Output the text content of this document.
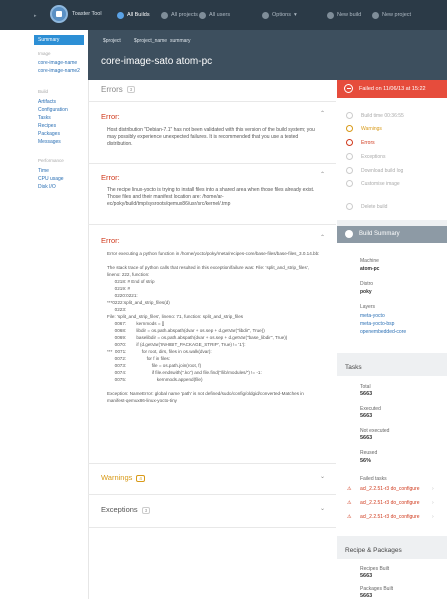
▸	Toaster Tool	All Builds	All projects All users	Options ▾	New build	New project
Summary
Image
core-image-name
core-image-name2
Build
Artifacts
Configuration
Tasks
Recipes
Packages
Messages
Performance
Time
CPU usage
Disk I/O
$project	$project_name summary
core-image-sato atom-pc
Errors 3
Error:	⌃
Host distribution "Debian-7.1" has not been validated with this version of the build system; you may possibly experience unexpected failures. It is recommended that you use a tested distribution.
Error:	⌃
The recipe linux-yocto is trying to install files into a shared area when those files already exist. Those files and their manifest location are: /home/ar-ec/poky/build/tmp/sysroots/qemux86/usr/src/kernel/.tmp
Error:	⌃
Error executing a python function in /home/yocto/poky/meta/recipes-core/base-files/base-files_3.0.14.bb:

The stack trace of python calls that resulted in this exception/failure was: File: 'split_and_strip_files', lineno: 222, function:
0218: # End of strip
0219: #
0220:0221:
***0222:split_and_strip_files(d)
0223:
File: 'split_and_strip_files', lineno: 71, function: split_and_strip_files
0067:        kernmods = []
0068:        libdir = os.path.abspath(dvar + os.sep + d.getVar("libdir", True))
0069:        baselibdir = os.path.abspath(dvar + os.sep + d.getVar("base_libdir", True))
0070:        if (d.getVar('INHIBIT_PACKAGE_STRIP', True) != '1'):
***  0071:            for root, dirs, files in os.walk(dvar):
0072:                for f in files:
0073:                    file = os.path.join(root, f)
0074:                    if file.endswith(".ko") and file.find("/lib/modules/") != -1:
0075:                        kernmods.append(file)

Exception: NameError: global name 'path' is not defined/sudo/config/oldgid/converted-Matches in manifest-qemux86-linux-yocto-tiny
Warnings 4	⌄
Exceptions 3	⌄
Failed on 11/06/13 at 15:22
Build time 00:36:55
Warnings
Errors
Exceptions
Download build log
Customise image
Delete build
Build Summary
Machine
atom-pc
Distro
poky
Layers
meta-yocto
meta-yocto-bsp
openembedded-core
Tasks
Total
5663
Executed
5663
Not executed
5663
Reused
56%
Failed tasks
⚠ acl_2.2.51-r3 do_configure	›
⚠ acl_2.2.51-r3 do_configure	›
⚠ acl_2.2.51-r3 do_configure	›
Recipe & Packages
Recipes Built
5663
Packages Built
5663
